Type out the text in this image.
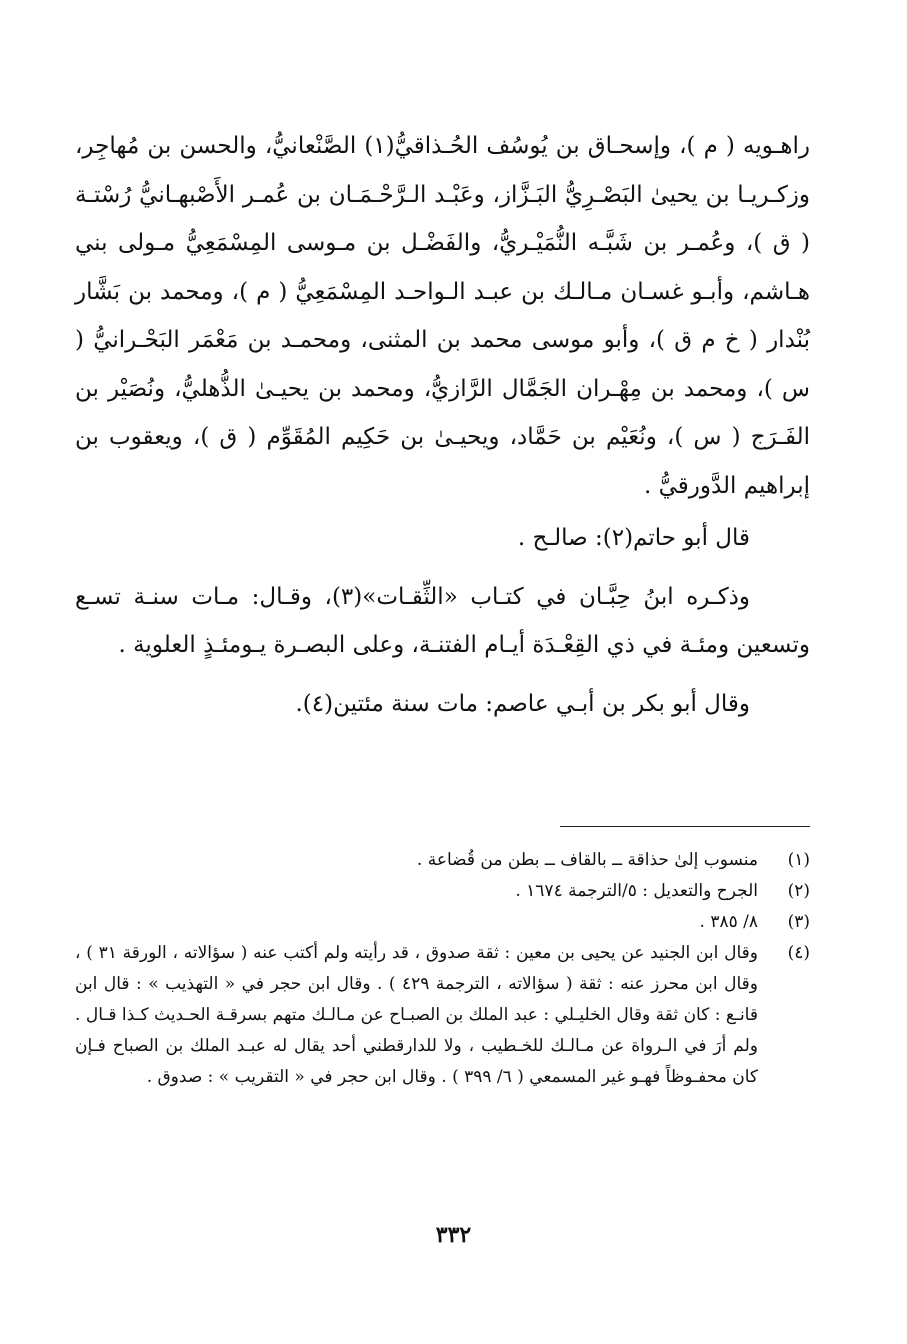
راهـويه ( م )، وإسحـاق بن يُوسُف الحُـذاقيُّ(١) الصَّنْعانيُّ، والحسن بن مُهاجِر، وزكـريـا بن يحيىٰ البَصْـرِيُّ البَـزَّاز، وعَبْـد الـرَّحْـمَـان بن عُمـر الأَصْبهـانيُّ رُسْتـة ( ق )، وعُمـر بن شَبَّـه النُّمَيْـريُّ، والفَضْـل بن مـوسى المِسْمَعِيُّ مـولى بني هـاشم، وأبـو غسـان مـالـك بن عبـد الـواحـد المِسْمَعِيُّ ( م )، ومحمد بن بَشَّار بُنْدار ( خ م ق )، وأبو موسى محمد بن المثنى، ومحمـد بن مَعْمَر البَحْـرانيُّ ( س )، ومحمد بن مِهْـران الجَمَّال الرَّازيُّ، ومحمد بن يحيـىٰ الذُّهليُّ، ونُصَيْر بن الفَـرَج ( س )، ونُعَيْم بن حَمَّاد، ويحيـىٰ بن حَكِيم المُقَوِّم ( ق )، ويعقوب بن إبراهيم الدَّورقيُّ .

قال أبو حاتم(٢): صالـح .

وذكـره ابنُ حِبَّـان في كتـاب «الثِّقـات»(٣)، وقـال: مـات سنـة تسـع وتسعين ومئـة في ذي القِعْـدَة أيـام الفتنـة، وعلى البصـرة يـومئـذٍ العلوية .

وقال أبو بكر بن أبـي عاصم: مات سنة مئتين(٤).

(١)
منسوب إلىٰ حذاقة ــ بالقاف ــ بطن من قُضاعة .
(٢)
الجرح والتعديل : ٥/الترجمة ١٦٧٤ .
(٣)
٨/ ٣٨٥ .
(٤)
وقال ابن الجنيد عن يحيى بن معين : ثقة صدوق ، قد رأيته ولم أكتب عنه ( سؤالاته ، الورقة ٣١ ) ، وقال ابن محرز عنه : ثقة ( سؤالاته ، الترجمة ٤٢٩ ) . وقال ابن حجر في « التهذيب » : قال ابن قانـع : كان ثقة وقال الخليـلي : عبد الملك بن الصبـاح عن مـالـك متهم بسرقـة الحـديث كـذا قـال . ولم أرَ في الـرواة عن مـالـك للخـطيب ، ولا للدارقطني أحد يقال له عبـد الملك بن الصباح فـإن كان محفـوظاً فهـو غير المسمعي ( ٦/ ٣٩٩ ) . وقال ابن حجر في « التقريب » : صدوق .
٣٣٢
